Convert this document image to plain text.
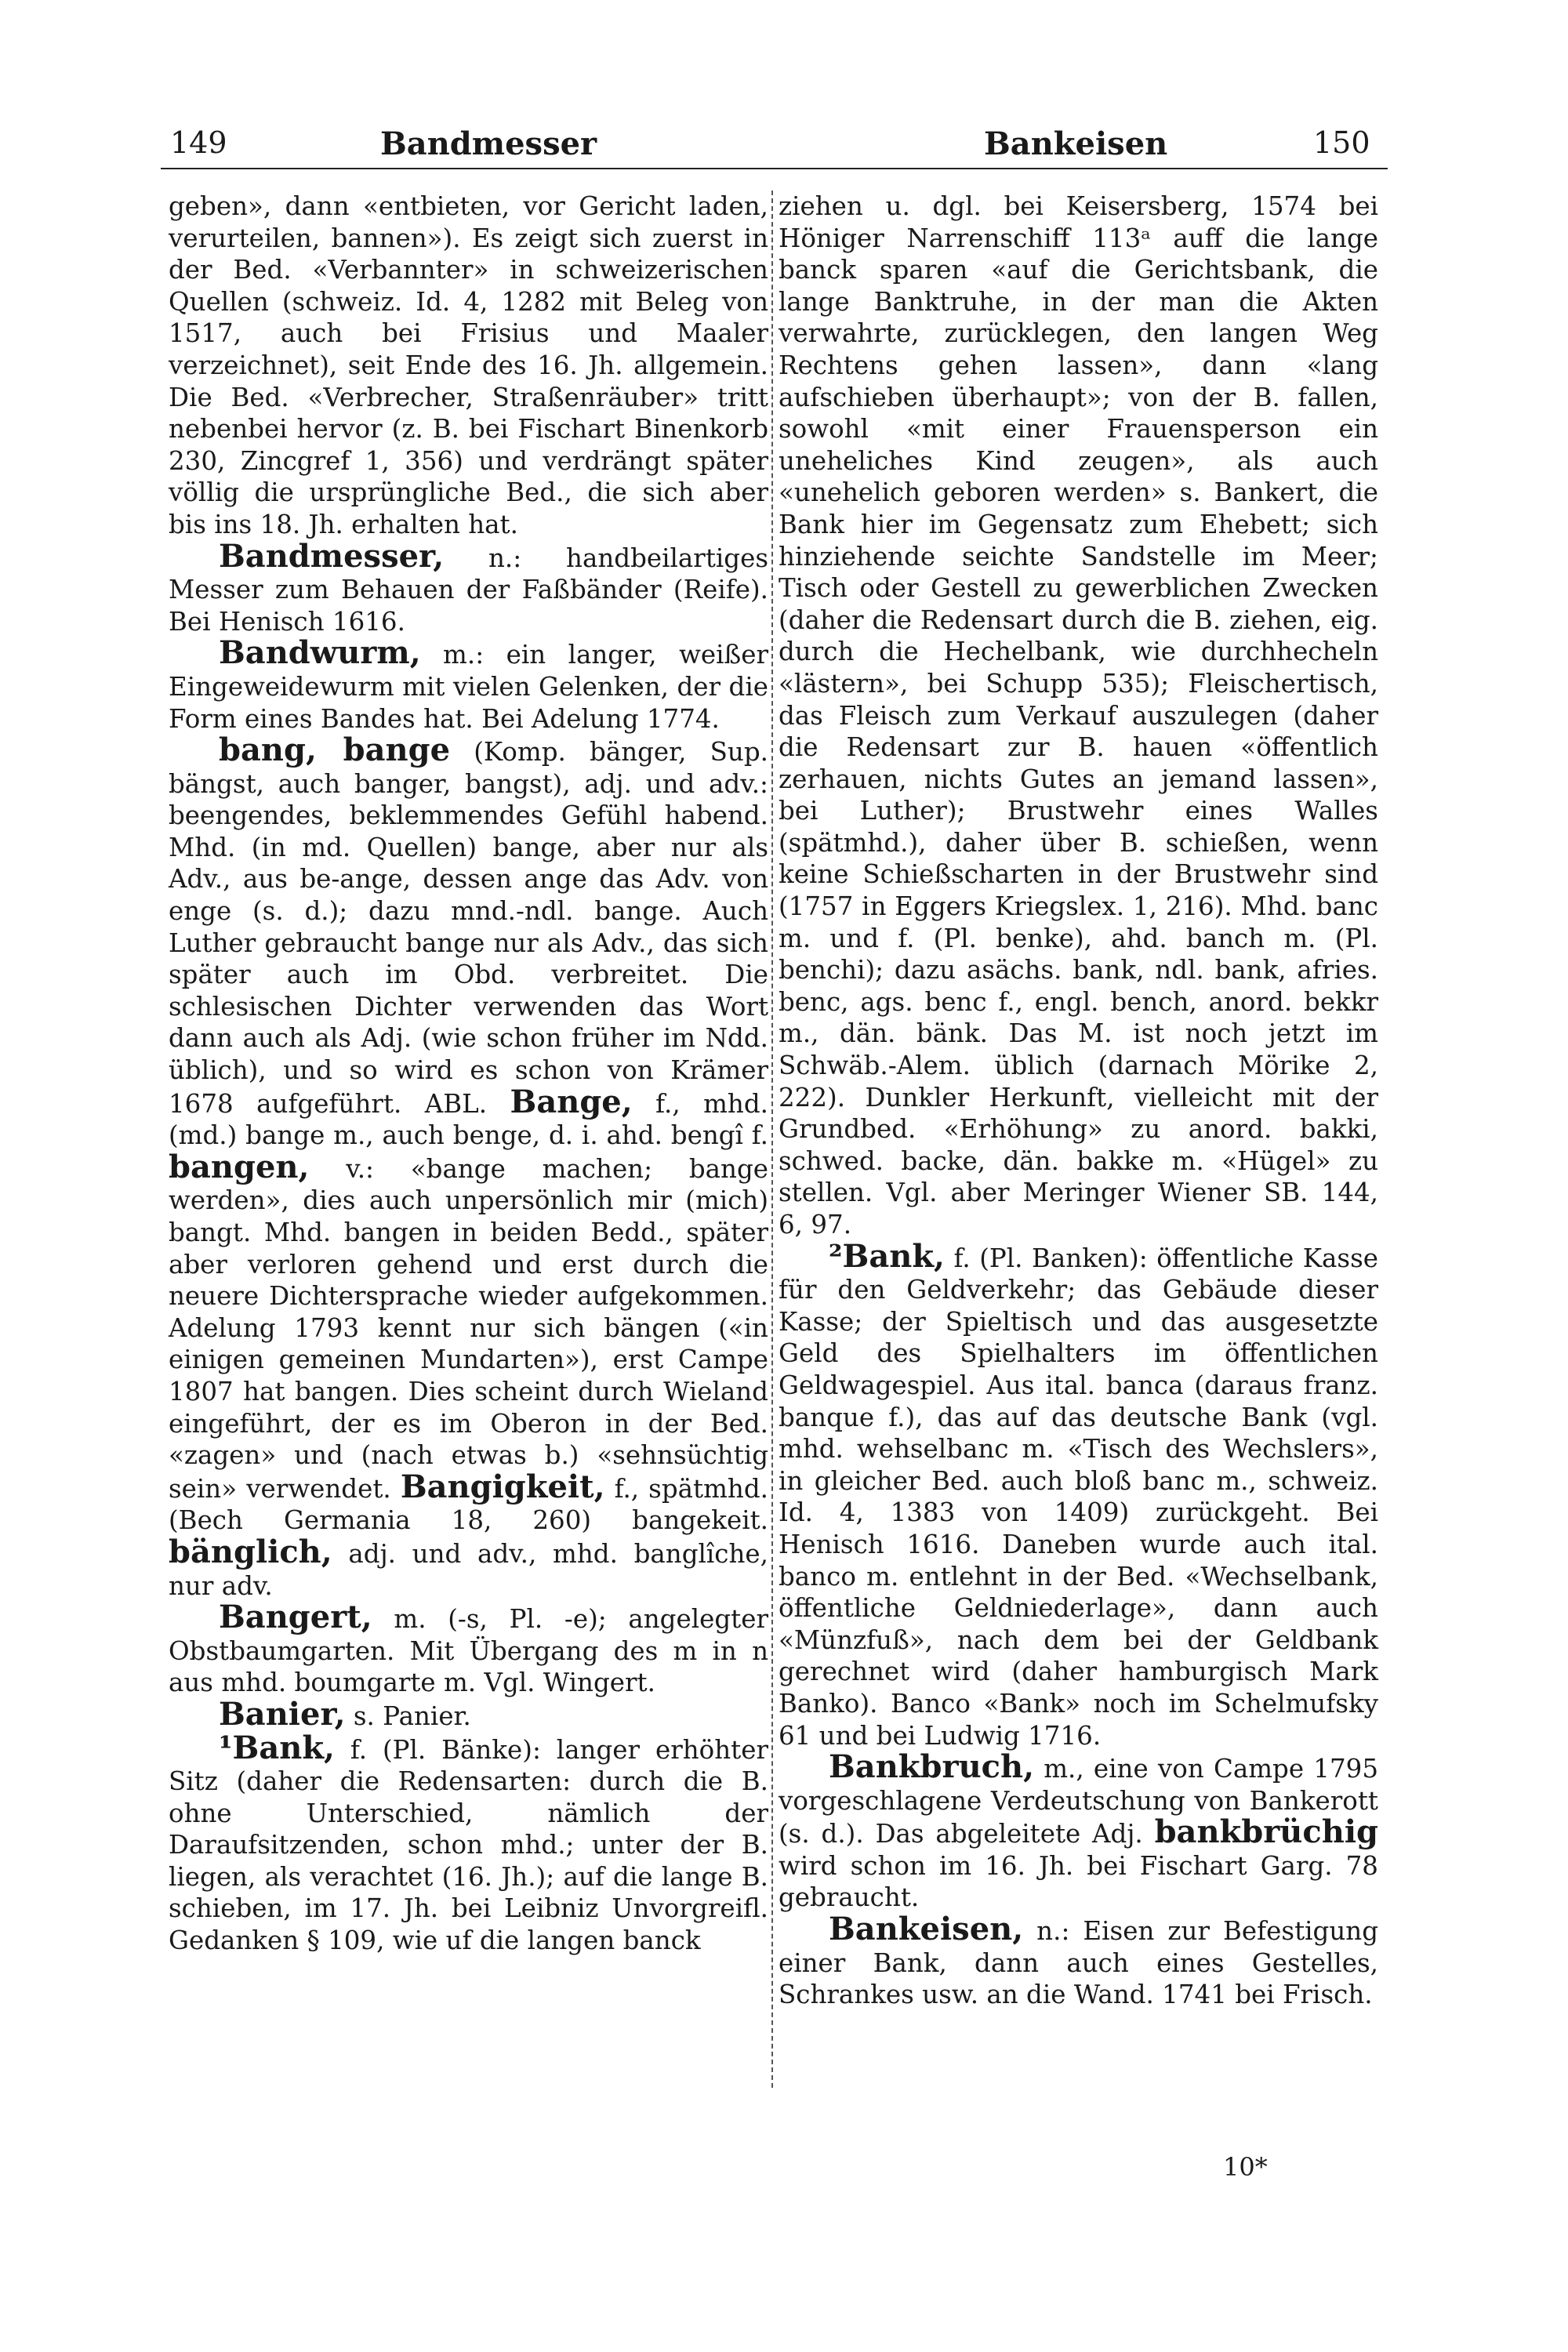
149	Bandmesser	Bankeisen	150

geben», dann «entbieten, vor Gericht laden, verurteilen, bannen»). Es zeigt sich zuerst in der Bed. «Verbannter» in schweizerischen Quellen (schweiz. Id. 4, 1282 mit Beleg von 1517, auch bei Frisius und Maaler verzeichnet), seit Ende des 16. Jh. allgemein. Die Bed. «Verbrecher, Straßenräuber» tritt nebenbei hervor (z. B. bei Fischart Binenkorb 230, Zincgref 1, 356) und verdrängt später völlig die ursprüngliche Bed., die sich aber bis ins 18. Jh. erhalten hat.

Bandmesser, n.: handbeilartiges Messer zum Behauen der Faßbänder (Reife). Bei Henisch 1616.

Bandwurm, m.: ein langer, weißer Eingeweidewurm mit vielen Gelenken, der die Form eines Bandes hat. Bei Adelung 1774.

bang, bange (Komp. bänger, Sup. bängst, auch banger, bangst), adj. und adv.: beengendes, beklemmendes Gefühl habend. Mhd. (in md. Quellen) bange, aber nur als Adv., aus be-ange, dessen ange das Adv. von enge (s. d.); dazu mnd.-ndl. bange. Auch Luther gebraucht bange nur als Adv., das sich später auch im Obd. verbreitet. Die schlesischen Dichter verwenden das Wort dann auch als Adj. (wie schon früher im Ndd. üblich), und so wird es schon von Krämer 1678 aufgeführt. ABL. Bange, f., mhd. (md.) bange m., auch benge, d. i. ahd. bengî f. bangen, v.: «bange machen; bange werden», dies auch unpersönlich mir (mich) bangt. Mhd. bangen in beiden Bedd., später aber verloren gehend und erst durch die neuere Dichtersprache wieder aufgekommen. Adelung 1793 kennt nur sich bängen («in einigen gemeinen Mundarten»), erst Campe 1807 hat bangen. Dies scheint durch Wieland eingeführt, der es im Oberon in der Bed. «zagen» und (nach etwas b.) «sehnsüchtig sein» verwendet. Bangigkeit, f., spätmhd. (Bech Germania 18, 260) bangekeit. bänglich, adj. und adv., mhd. banglîche, nur adv.

Bangert, m. (-s, Pl. -e); angelegter Obstbaumgarten. Mit Übergang des m in n aus mhd. boumgarte m. Vgl. Wingert.

Banier, s. Panier.

¹Bank, f. (Pl. Bänke): langer erhöhter Sitz (daher die Redensarten: durch die B. ohne Unterschied, nämlich der Daraufsitzenden, schon mhd.; unter der B. liegen, als verachtet (16. Jh.); auf die lange B. schieben, im 17. Jh. bei Leibniz Unvorgreifl. Gedanken § 109, wie uf die langen banck

ziehen u. dgl. bei Keisersberg, 1574 bei Höniger Narrenschiff 113ᵃ auff die lange banck sparen «auf die Gerichtsbank, die lange Banktruhe, in der man die Akten verwahrte, zurücklegen, den langen Weg Rechtens gehen lassen», dann «lang aufschieben überhaupt»; von der B. fallen, sowohl «mit einer Frauensperson ein uneheliches Kind zeugen», als auch «unehelich geboren werden» s. Bankert, die Bank hier im Gegensatz zum Ehebett; sich hinziehende seichte Sandstelle im Meer; Tisch oder Gestell zu gewerblichen Zwecken (daher die Redensart durch die B. ziehen, eig. durch die Hechelbank, wie durchhecheln «lästern», bei Schupp 535); Fleischertisch, das Fleisch zum Verkauf auszulegen (daher die Redensart zur B. hauen «öffentlich zerhauen, nichts Gutes an jemand lassen», bei Luther); Brustwehr eines Walles (spätmhd.), daher über B. schießen, wenn keine Schießscharten in der Brustwehr sind (1757 in Eggers Kriegslex. 1, 216). Mhd. banc m. und f. (Pl. benke), ahd. banch m. (Pl. benchi); dazu asächs. bank, ndl. bank, afries. benc, ags. benc f., engl. bench, anord. bekkr m., dän. bänk. Das M. ist noch jetzt im Schwäb.-Alem. üblich (darnach Mörike 2, 222). Dunkler Herkunft, vielleicht mit der Grundbed. «Erhöhung» zu anord. bakki, schwed. backe, dän. bakke m. «Hügel» zu stellen. Vgl. aber Meringer Wiener SB. 144, 6, 97.

²Bank, f. (Pl. Banken): öffentliche Kasse für den Geldverkehr; das Gebäude dieser Kasse; der Spieltisch und das ausgesetzte Geld des Spielhalters im öffentlichen Geldwagespiel. Aus ital. banca (daraus franz. banque f.), das auf das deutsche Bank (vgl. mhd. wehselbanc m. «Tisch des Wechslers», in gleicher Bed. auch bloß banc m., schweiz. Id. 4, 1383 von 1409) zurückgeht. Bei Henisch 1616. Daneben wurde auch ital. banco m. entlehnt in der Bed. «Wechselbank, öffentliche Geldniederlage», dann auch «Münzfuß», nach dem bei der Geldbank gerechnet wird (daher hamburgisch Mark Banko). Banco «Bank» noch im Schelmufsky 61 und bei Ludwig 1716.

Bankbruch, m., eine von Campe 1795 vorgeschlagene Verdeutschung von Bankerott (s. d.). Das abgeleitete Adj. bankbrüchig wird schon im 16. Jh. bei Fischart Garg. 78 gebraucht.

Bankeisen, n.: Eisen zur Befestigung einer Bank, dann auch eines Gestelles, Schrankes usw. an die Wand. 1741 bei Frisch.

10*
